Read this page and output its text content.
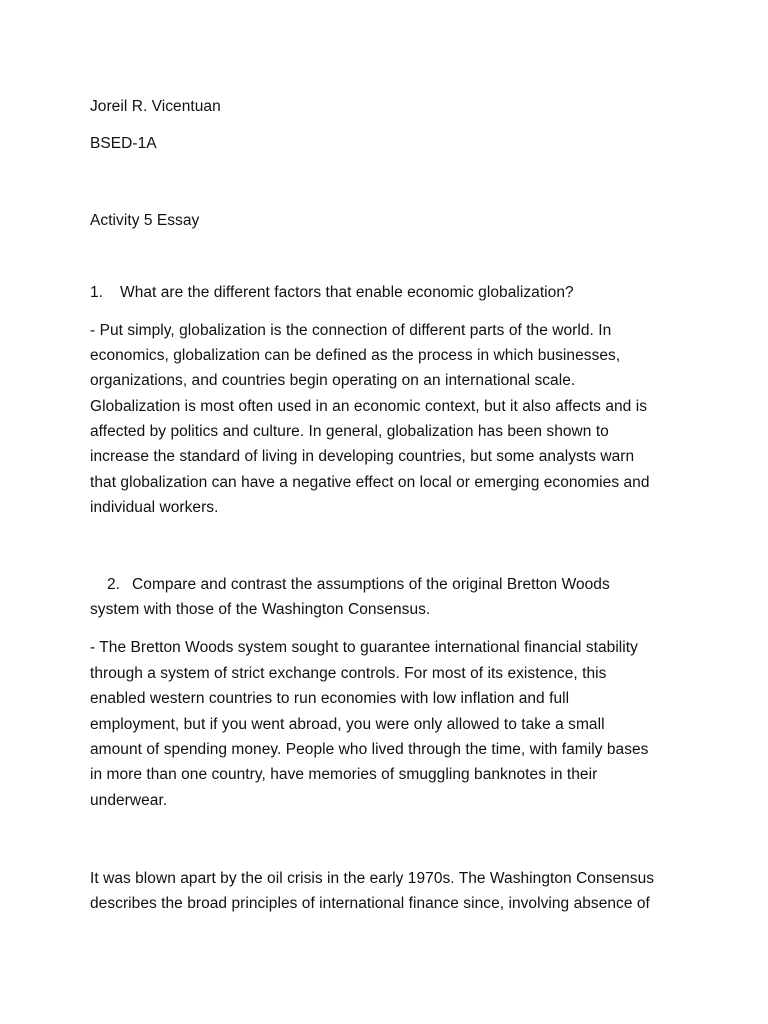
Joreil R. Vicentuan
BSED-1A
Activity 5 Essay
1. What are the different factors that enable economic globalization?
- Put simply, globalization is the connection of different parts of the world. In
economics, globalization can be defined as the process in which businesses,
organizations, and countries begin operating on an international scale.
Globalization is most often used in an economic context, but it also affects and is
affected by politics and culture. In general, globalization has been shown to
increase the standard of living in developing countries, but some analysts warn
that globalization can have a negative effect on local or emerging economies and
individual workers.
2. Compare and contrast the assumptions of the original Bretton Woods
system with those of the Washington Consensus.
- The Bretton Woods system sought to guarantee international financial stability
through a system of strict exchange controls. For most of its existence, this
enabled western countries to run economies with low inflation and full
employment, but if you went abroad, you were only allowed to take a small
amount of spending money. People who lived through the time, with family bases
in more than one country, have memories of smuggling banknotes in their
underwear.
It was blown apart by the oil crisis in the early 1970s. The Washington Consensus
describes the broad principles of international finance since, involving absence of
